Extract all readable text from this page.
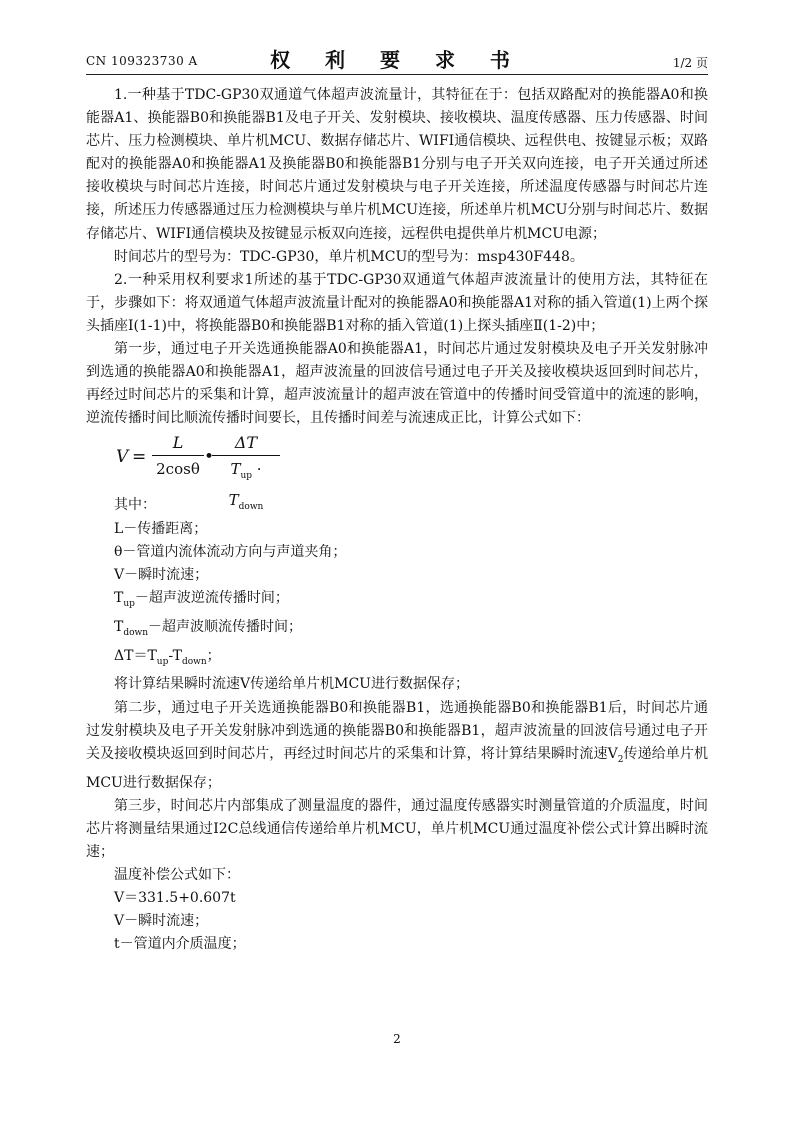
CN 109323730 A	权 利 要 求 书	1/2 页

1.一种基于TDC-GP30双通道气体超声波流量计，其特征在于：包括双路配对的换能器A0和换能器A1、换能器B0和换能器B1及电子开关、发射模块、接收模块、温度传感器、压力传感器、时间芯片、压力检测模块、单片机MCU、数据存储芯片、WIFI通信模块、远程供电、按键显示板；双路配对的换能器A0和换能器A1及换能器B0和换能器B1分别与电子开关双向连接，电子开关通过所述接收模块与时间芯片连接，时间芯片通过发射模块与电子开关连接，所述温度传感器与时间芯片连接，所述压力传感器通过压力检测模块与单片机MCU连接，所述单片机MCU分别与时间芯片、数据存储芯片、WIFI通信模块及按键显示板双向连接，远程供电提供单片机MCU电源；

时间芯片的型号为：TDC-GP30，单片机MCU的型号为：msp430F448。

2.一种采用权利要求1所述的基于TDC-GP30双通道气体超声波流量计的使用方法，其特征在于，步骤如下：将双通道气体超声波流量计配对的换能器A0和换能器A1对称的插入管道(1)上两个探头插座Ⅰ(1-1)中，将换能器B0和换能器B1对称的插入管道(1)上探头插座Ⅱ(1-2)中；

第一步，通过电子开关选通换能器A0和换能器A1，时间芯片通过发射模块及电子开关发射脉冲到选通的换能器A0和换能器A1，超声波流量的回波信号通过电子开关及接收模块返回到时间芯片，再经过时间芯片的采集和计算，超声波流量计的超声波在管道中的传播时间受管道中的流速的影响，逆流传播时间比顺流传播时间要长，且传播时间差与流速成正比，计算公式如下：

V =
L
2cosθ
•
ΔT
$T_{up} \cdot T_{down}$

其中：

L－传播距离；

θ－管道内流体流动方向与声道夹角；

V－瞬时流速；

$T_{up}-$超声波逆流传播时间；

$T_{down}-$超声波顺流传播时间；

$\Delta T=T_{up}-T_{down}$；

将计算结果瞬时流速V传递给单片机MCU进行数据保存；

第二步，通过电子开关选通换能器B0和换能器B1，选通换能器B0和换能器B1后，时间芯片通过发射模块及电子开关发射脉冲到选通的换能器B0和换能器B1，超声波流量的回波信号通过电子开关及接收模块返回到时间芯片，再经过时间芯片的采集和计算，将计算结果瞬时流速$V_2$传递给单片机MCU进行数据保存；

第三步，时间芯片内部集成了测量温度的器件，通过温度传感器实时测量管道的介质温度，时间芯片将测量结果通过I2C总线通信传递给单片机MCU，单片机MCU通过温度补偿公式计算出瞬时流速；

温度补偿公式如下：

V＝331.5+0.607t

V－瞬时流速；

t－管道内介质温度；

2
